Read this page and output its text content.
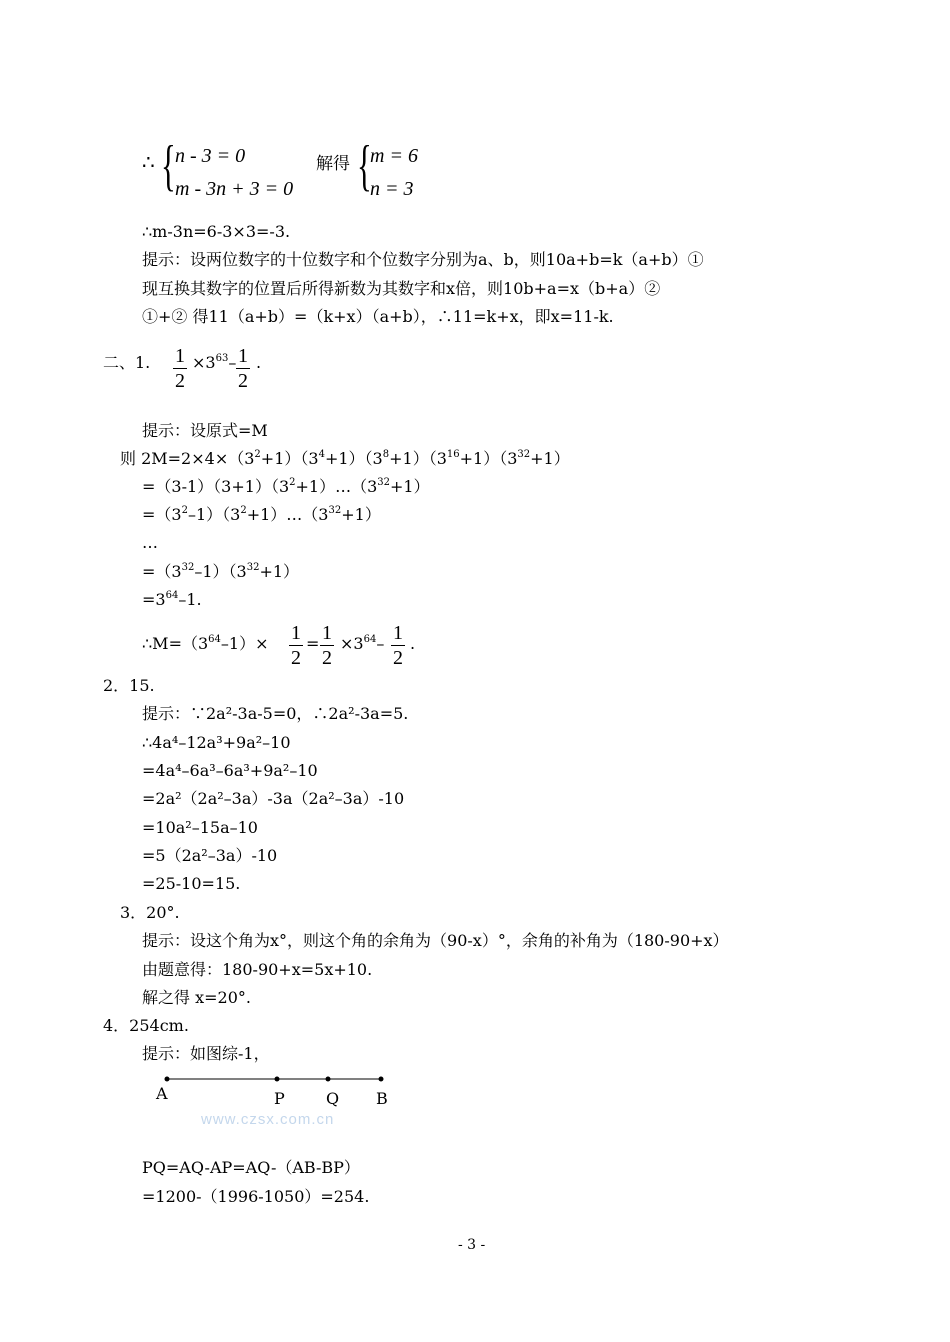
∴ { n - 3 = 0
m - 3n + 3 = 0
解得 {
m = 6
n = 3
∴m-3n=6-3×3=-3.
提示：设两位数字的十位数字和个位数字分别为a、b，则10a+b=k（a+b）①
现互换其数字的位置后所得新数为其数字和x倍，则10b+a=x（b+a）②
①+② 得11（a+b）=（k+x）（a+b），∴11=k+x，即x=11-k.
二、1. 1
2
$\times 3^{63}-$ 1
2
.
提示：设原式=M
则 $2M=2\times 4\times(3^2+1)(3^4+1)(3^8+1)(3^{16}+1)(3^{32}+1)$
$=(3-1)(3+1)(3^2+1)\dots(3^{32}+1)$
$=(3^2-1)(3^2+1)\dots(3^{32}+1)$
…
$=(3^{32}-1)(3^{32}+1)$
$=3^{64}-1$.
$\therefore M=(3^{64}-1)\times 1$
2
= 1
2
$\times 3^{64}-$ 1
2
.
2．15.
提示：∵2a²-3a-5=0，∴2a²-3a=5.
∴4a⁴–12a³+9a²–10
=4a⁴–6a³–6a³+9a²–10
=2a²（2a²–3a）-3a（2a²–3a）-10
=10a²–15a–10
=5（2a²–3a）-10
=25-10=15.
3．20°.
提示：设这个角为x°，则这个角的余角为（90-x）°，余角的补角为（180-90+x）
由题意得：180-90+x=5x+10.
解之得 x=20°.
4．254cm.
提示：如图综-1，
A	P	Q B
www.czsx.com.cn
PQ=AQ-AP=AQ-（AB-BP）
=1200-（1996-1050）=254.
- 3 -
